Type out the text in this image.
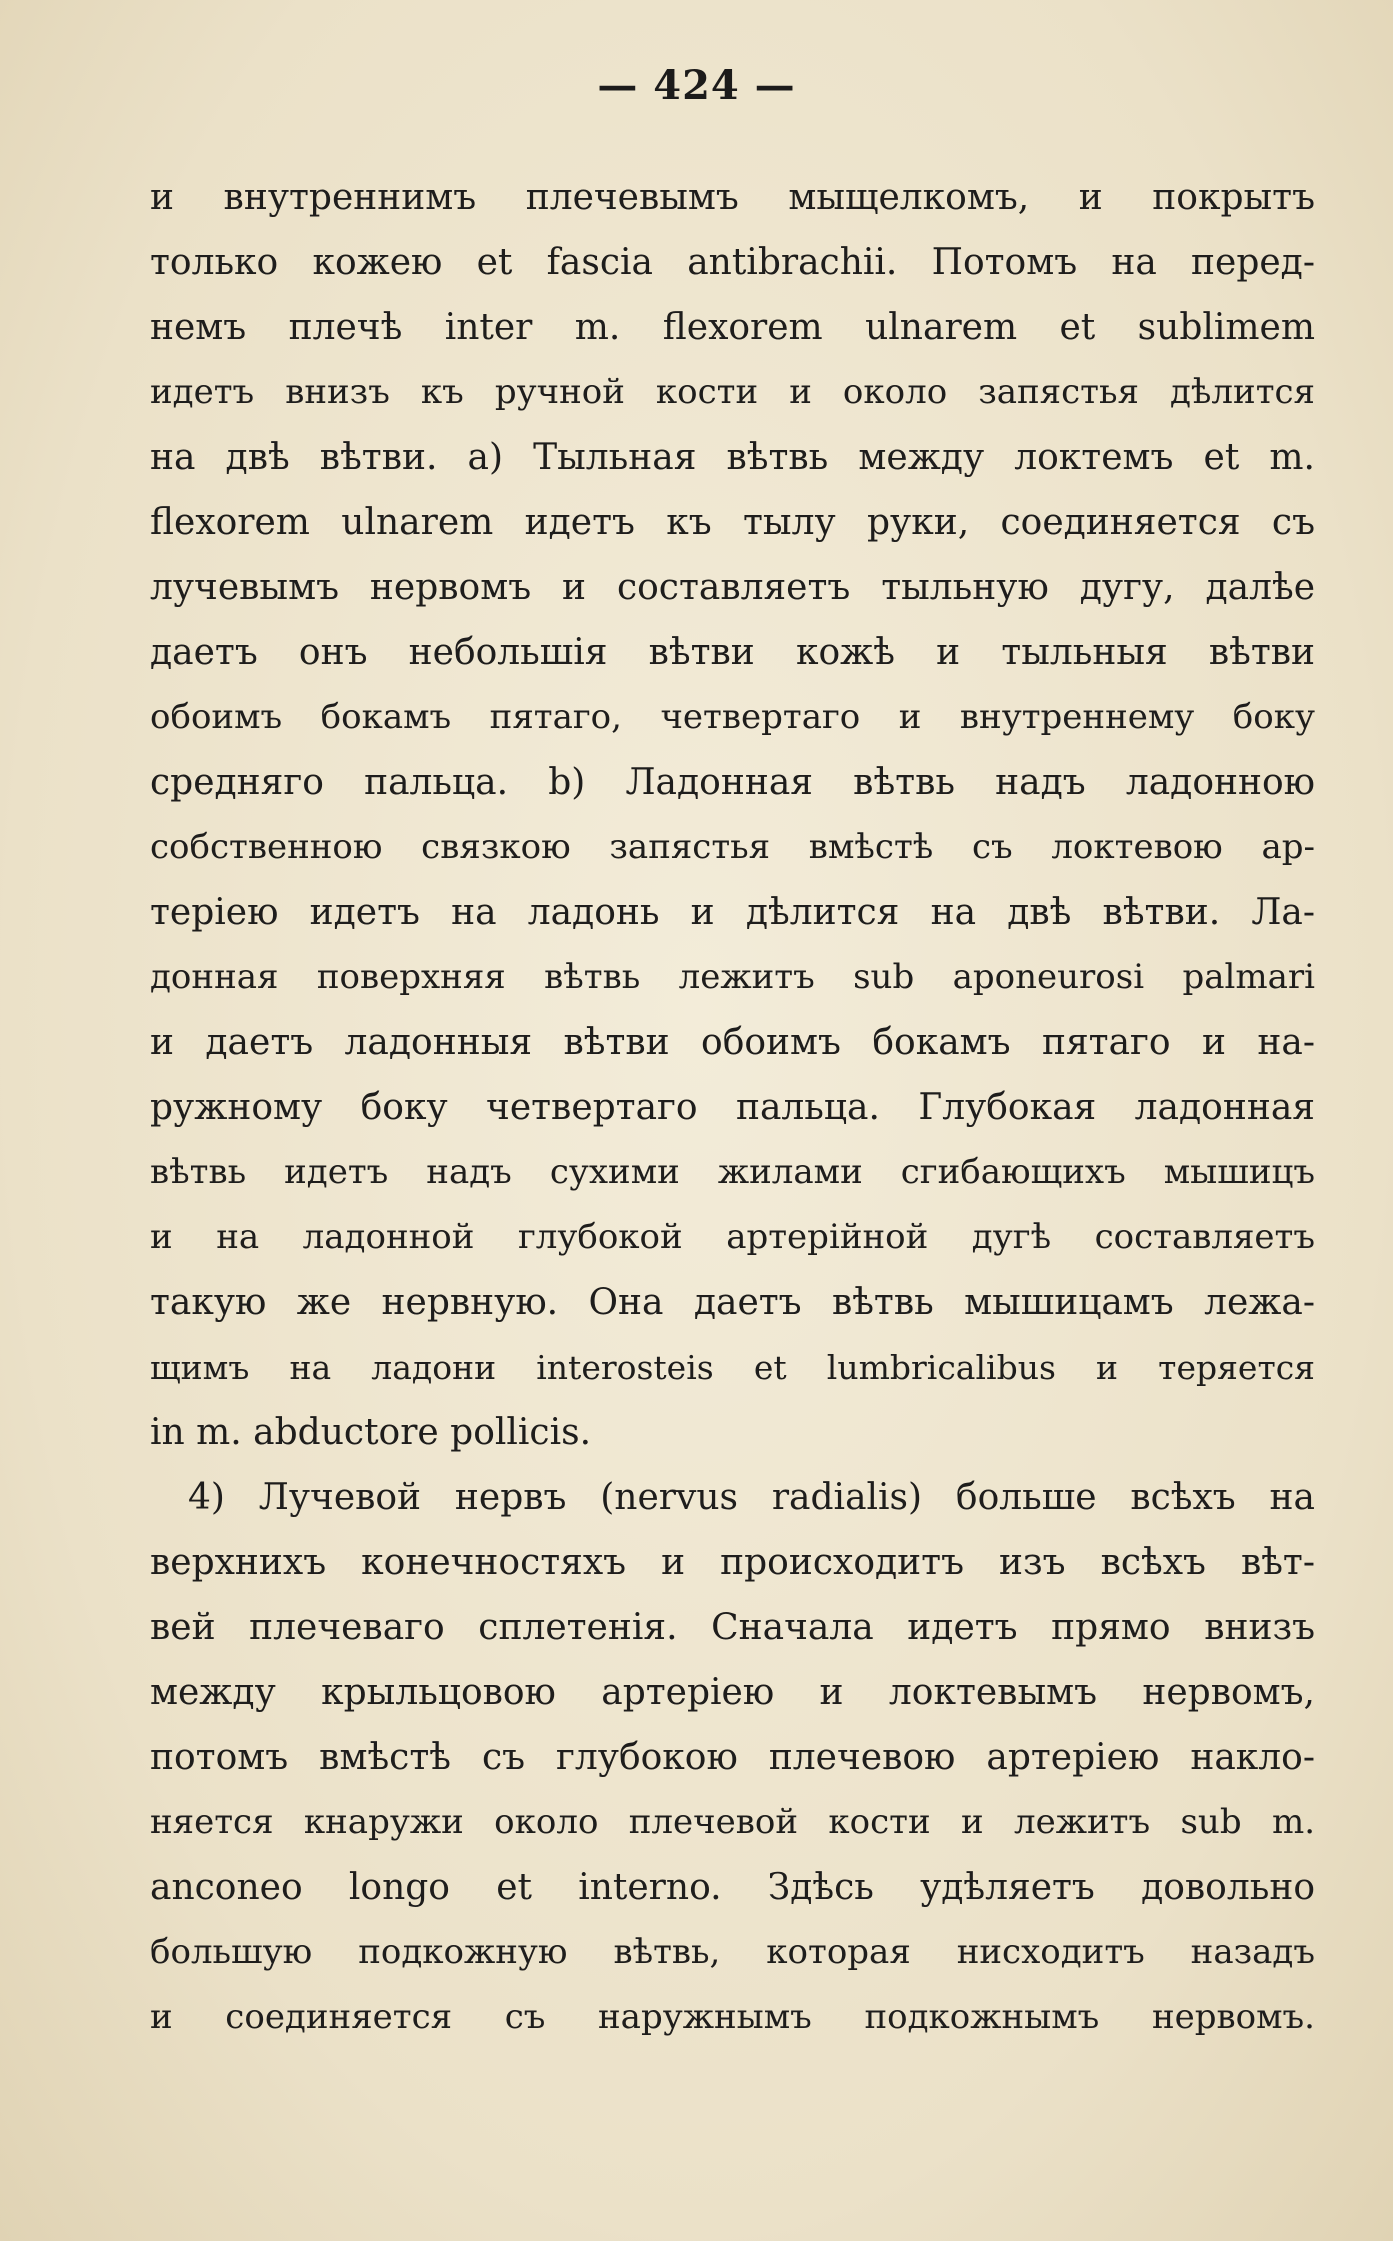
— 424 —
и внутреннимъ плечевымъ мыщелкомъ, и покрытъ
только кожею et fascia antibrachii. Потомъ на перед-
немъ плечѣ inter m. flexorem ulnarem et sublimem
идетъ внизъ къ ручной кости и около запястья дѣлится
на двѣ вѣтви. а) Тыльная вѣтвь между локтемъ et m.
flexorem ulnarem идетъ къ тылу руки, соединяется съ
лучевымъ нервомъ и составляетъ тыльную дугу, далѣе
даетъ онъ небольшія вѣтви кожѣ и тыльныя вѣтви
обоимъ бокамъ пятаго, четвертаго и внутреннему боку
средняго пальца. b) Ладонная вѣтвь надъ ладонною
собственною связкою запястья вмѣстѣ съ локтевою ар-
теріею идетъ на ладонь и дѣлится на двѣ вѣтви. Ла-
донная поверхняя вѣтвь лежитъ sub aponeurosi palmari
и даетъ ладонныя вѣтви обоимъ бокамъ пятаго и на-
ружному боку четвертаго пальца. Глубокая ладонная
вѣтвь идетъ надъ сухими жилами сгибающихъ мышицъ
и на ладонной глубокой артерійной дугѣ составляетъ
такую же нервную. Она даетъ вѣтвь мышицамъ лежа-
щимъ на ладони interosteis et lumbricalibus и теряется
in m. abductore pollicis.
4) Лучевой нервъ (nervus radialis) больше всѣхъ на
верхнихъ конечностяхъ и происходитъ изъ всѣхъ вѣт-
вей плечеваго сплетенія. Сначала идетъ прямо внизъ
между крыльцовою артеріею и локтевымъ нервомъ,
потомъ вмѣстѣ съ глубокою плечевою артеріею накло-
няется кнаружи около плечевой кости и лежитъ sub m.
anconeo longo et interno. Здѣсь удѣляетъ довольно
большую подкожную вѣтвь, которая нисходитъ назадъ
и соединяется съ наружнымъ подкожнымъ нервомъ.
